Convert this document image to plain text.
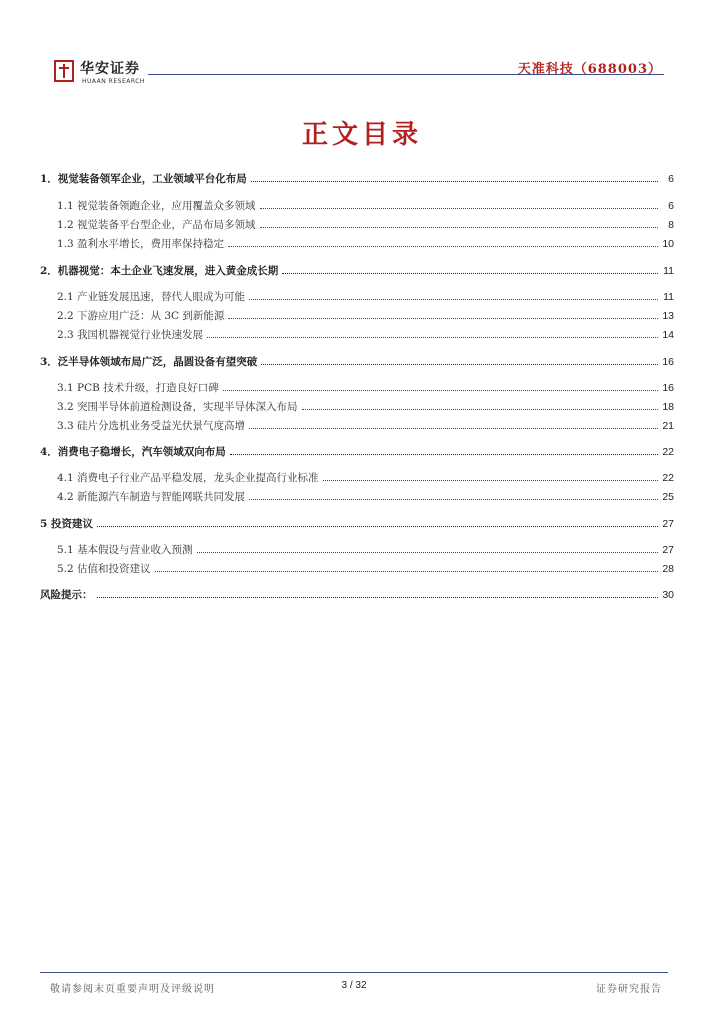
华安证券
HUAAN RESEARCH
天准科技（688003）
正文目录
1．视觉装备领军企业，工业领域平台化布局	6
1.1 视觉装备领跑企业，应用覆盖众多领域	6
1.2 视觉装备平台型企业，产品布局多领域	8
1.3 盈利水平增长，费用率保持稳定	10
2．机器视觉：本土企业飞速发展，进入黄金成长期	11
2.1 产业链发展迅速，替代人眼成为可能	11
2.2 下游应用广泛：从 3C 到新能源	13
2.3 我国机器视觉行业快速发展	14
3．泛半导体领域布局广泛，晶圆设备有望突破	16
3.1 PCB 技术升级，打造良好口碑	16
3.2 突围半导体前道检测设备，实现半导体深入布局	18
3.3 硅片分选机业务受益光伏景气度高增	21
4．消费电子稳增长，汽车领域双向布局	22
4.1 消费电子行业产品平稳发展，龙头企业提高行业标准	22
4.2 新能源汽车制造与智能网联共同发展	25
5 投资建议	27
5.1 基本假设与营业收入预测	27
5.2 估值和投资建议	28
风险提示：	30
敬请参阅末页重要声明及评级说明	3 / 32	证券研究报告
